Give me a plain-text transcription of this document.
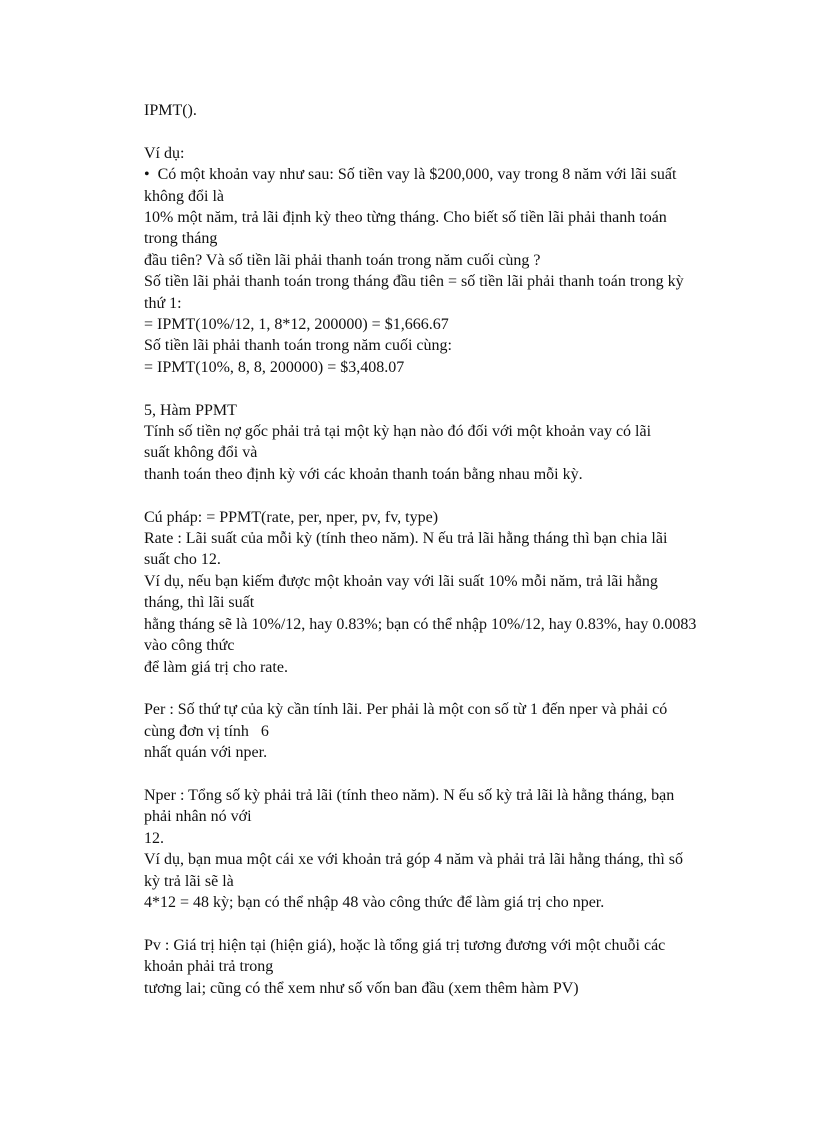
IPMT().
Ví dụ:
•  Có một khoản vay như sau: Số tiền vay là $200,000, vay trong 8 năm với lãi suất
không đổi là
10% một năm, trả lãi định kỳ theo từng tháng. Cho biết số tiền lãi phải thanh toán
trong tháng
đầu tiên? Và số tiền lãi phải thanh toán trong năm cuối cùng ?
Số tiền lãi phải thanh toán trong tháng đầu tiên = số tiền lãi phải thanh toán trong kỳ
thứ 1:
= IPMT(10%/12, 1, 8*12, 200000) = $1,666.67
Số tiền lãi phải thanh toán trong năm cuối cùng:
= IPMT(10%, 8, 8, 200000) = $3,408.07
5, Hàm PPMT
Tính số tiền nợ gốc phải trả tại một kỳ hạn nào đó đối với một khoản vay có lãi
suất không đổi và
thanh toán theo định kỳ với các khoản thanh toán bằng nhau mỗi kỳ.
Cú pháp: = PPMT(rate, per, nper, pv, fv, type)
Rate : Lãi suất của mỗi kỳ (tính theo năm). N ếu trả lãi hằng tháng thì bạn chia lãi
suất cho 12.
Ví dụ, nếu bạn kiếm được một khoản vay với lãi suất 10% mỗi năm, trả lãi hằng
tháng, thì lãi suất
hằng tháng sẽ là 10%/12, hay 0.83%; bạn có thể nhập 10%/12, hay 0.83%, hay 0.0083
vào công thức
để làm giá trị cho rate.
Per : Số thứ tự của kỳ cần tính lãi. Per phải là một con số từ 1 đến nper và phải có
cùng đơn vị tính   6
nhất quán với nper.
Nper : Tổng số kỳ phải trả lãi (tính theo năm). N ếu số kỳ trả lãi là hằng tháng, bạn
phải nhân nó với
12.
Ví dụ, bạn mua một cái xe với khoản trả góp 4 năm và phải trả lãi hằng tháng, thì số
kỳ trả lãi sẽ là
4*12 = 48 kỳ; bạn có thể nhập 48 vào công thức để làm giá trị cho nper.
Pv : Giá trị hiện tại (hiện giá), hoặc là tổng giá trị tương đương với một chuỗi các
khoản phải trả trong
tương lai; cũng có thể xem như số vốn ban đầu (xem thêm hàm PV)
